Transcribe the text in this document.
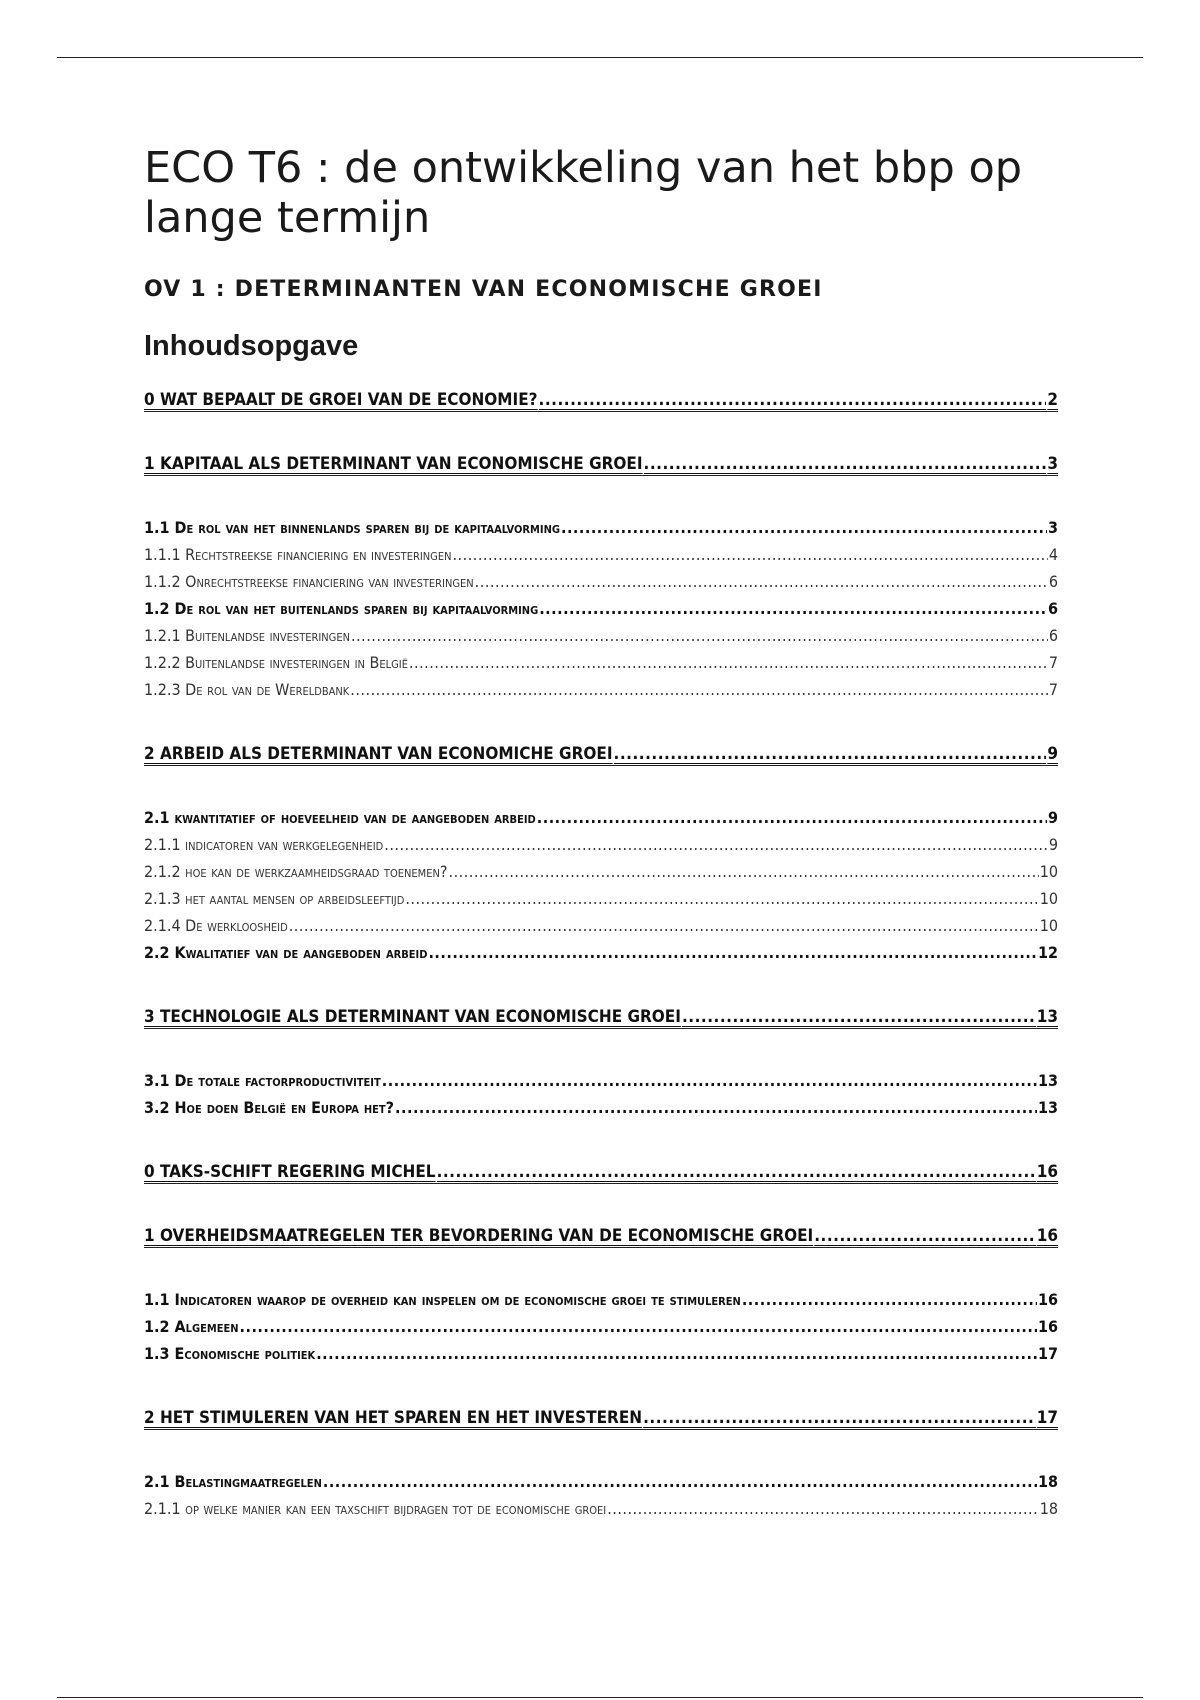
ECO T6 : de ontwikkeling van het bbp op lange termijn
OV 1 : DETERMINANTEN VAN ECONOMISCHE GROEI
Inhoudsopgave
0 WAT BEPAALT DE GROEI VAN DE ECONOMIE? .....	2
1 KAPITAAL ALS DETERMINANT VAN ECONOMISCHE GROEI .....	3
1.1 De rol van het binnenlands sparen bij de kapitaalvorming .....	3
1.1.1 Rechtstreekse financiering en investeringen .....	4
1.1.2 Onrechtstreekse financiering van investeringen .....	6
1.2 De rol van het buitenlands sparen bij kapitaalvorming .....	6
1.2.1 Buitenlandse investeringen .....	6
1.2.2 Buitenlandse investeringen in België .....	7
1.2.3 De rol van de Wereldbank .....	7
2 ARBEID ALS DETERMINANT VAN ECONOMICHE GROEI .....	9
2.1 kwantitatief of hoeveelheid van de aangeboden arbeid .....	9
2.1.1 indicatoren van werkgelegenheid .....	9
2.1.2 hoe kan de werkzaamheidsgraad toenemen? .....	10
2.1.3 het aantal mensen op arbeidsleeftijd .....	10
2.1.4 De werkloosheid .....	10
2.2 Kwalitatief van de aangeboden arbeid .....	12
3 TECHNOLOGIE ALS DETERMINANT VAN ECONOMISCHE GROEI .....	13
3.1 De totale factorproductiviteit .....	13
3.2 Hoe doen België en Europa het? .....	13
0 TAKS-SCHIFT REGERING MICHEL .....	16
1 OVERHEIDSMAATREGELEN TER BEVORDERING VAN DE ECONOMISCHE GROEI .....	16
1.1 Indicatoren waarop de overheid kan inspelen om de economische groei te stimuleren .....	16
1.2 Algemeen .....	16
1.3 Economische politiek .....	17
2 HET STIMULEREN VAN HET SPAREN EN HET INVESTEREN .....	17
2.1 Belastingmaatregelen .....	18
2.1.1 op welke manier kan een taxschift bijdragen tot de economische groei .....	18
